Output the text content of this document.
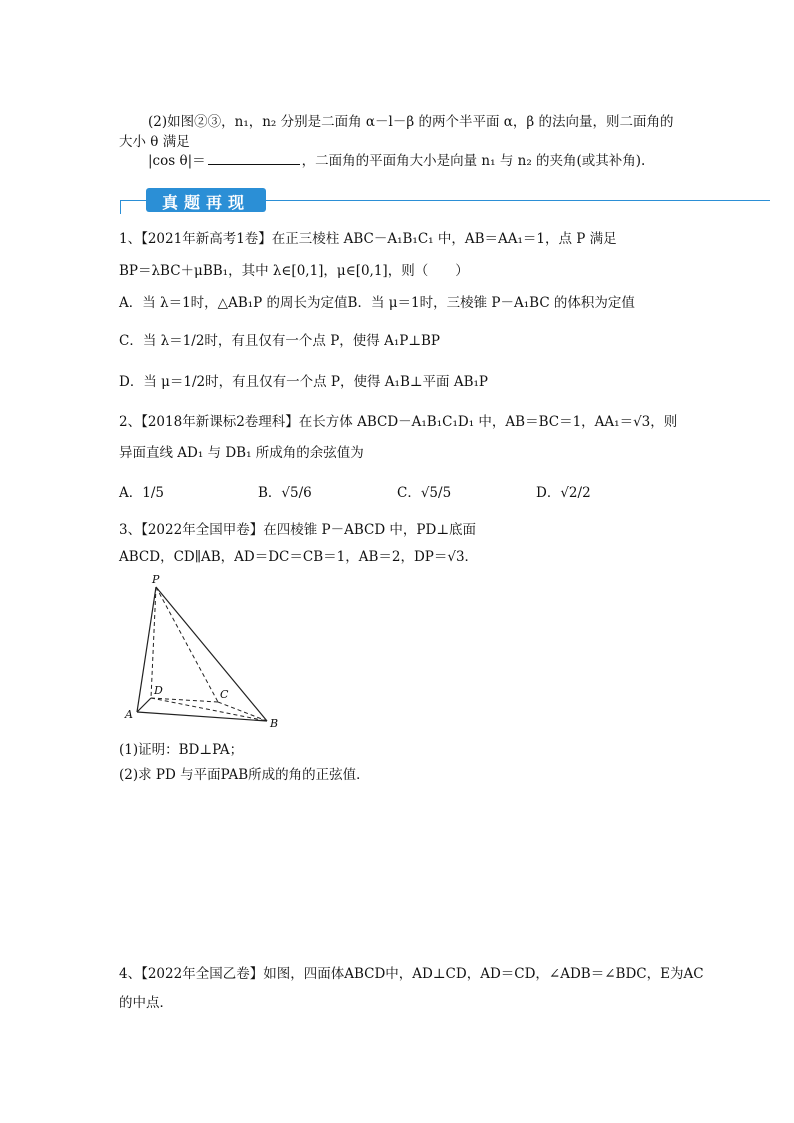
(2)如图②③，n₁，n₂ 分别是二面角 α－l－β 的两个半平面 α，β 的法向量，则二面角的
大小 θ 满足
|cos θ|＝	，二面角的平面角大小是向量 n₁ 与 n₂ 的夹角(或其补角).
真题再现
1、【2021年新高考1卷】在正三棱柱 ABC－A₁B₁C₁ 中，AB＝AA₁＝1，点 P 满足
BP＝λBC＋μBB₁，其中 λ∈[0,1]，μ∈[0,1]，则（　　）
A．当 λ＝1时，△AB₁P 的周长为定值B．当 μ＝1时，三棱锥 P－A₁BC 的体积为定值
C．当 λ＝1/2时，有且仅有一个点 P，使得 A₁P⊥BP
D．当 μ＝1/2时，有且仅有一个点 P，使得 A₁B⊥平面 AB₁P
2、【2018年新课标2卷理科】在长方体 ABCD－A₁B₁C₁D₁ 中，AB＝BC＝1，AA₁＝√3，则
异面直线 AD₁ 与 DB₁ 所成角的余弦值为
A．1/5	B．√5/6	C．√5/5	D．√2/2
3、【2022年全国甲卷】在四棱锥 P－ABCD 中，PD⊥底面
ABCD，CD∥AB，AD＝DC＝CB＝1，AB＝2，DP＝√3．
P
A
B
C
D
(1)证明：BD⊥PA；
(2)求 PD 与平面PAB所成的角的正弦值．
4、【2022年全国乙卷】如图，四面体ABCD中，AD⊥CD，AD＝CD，∠ADB＝∠BDC，E为AC
的中点．
